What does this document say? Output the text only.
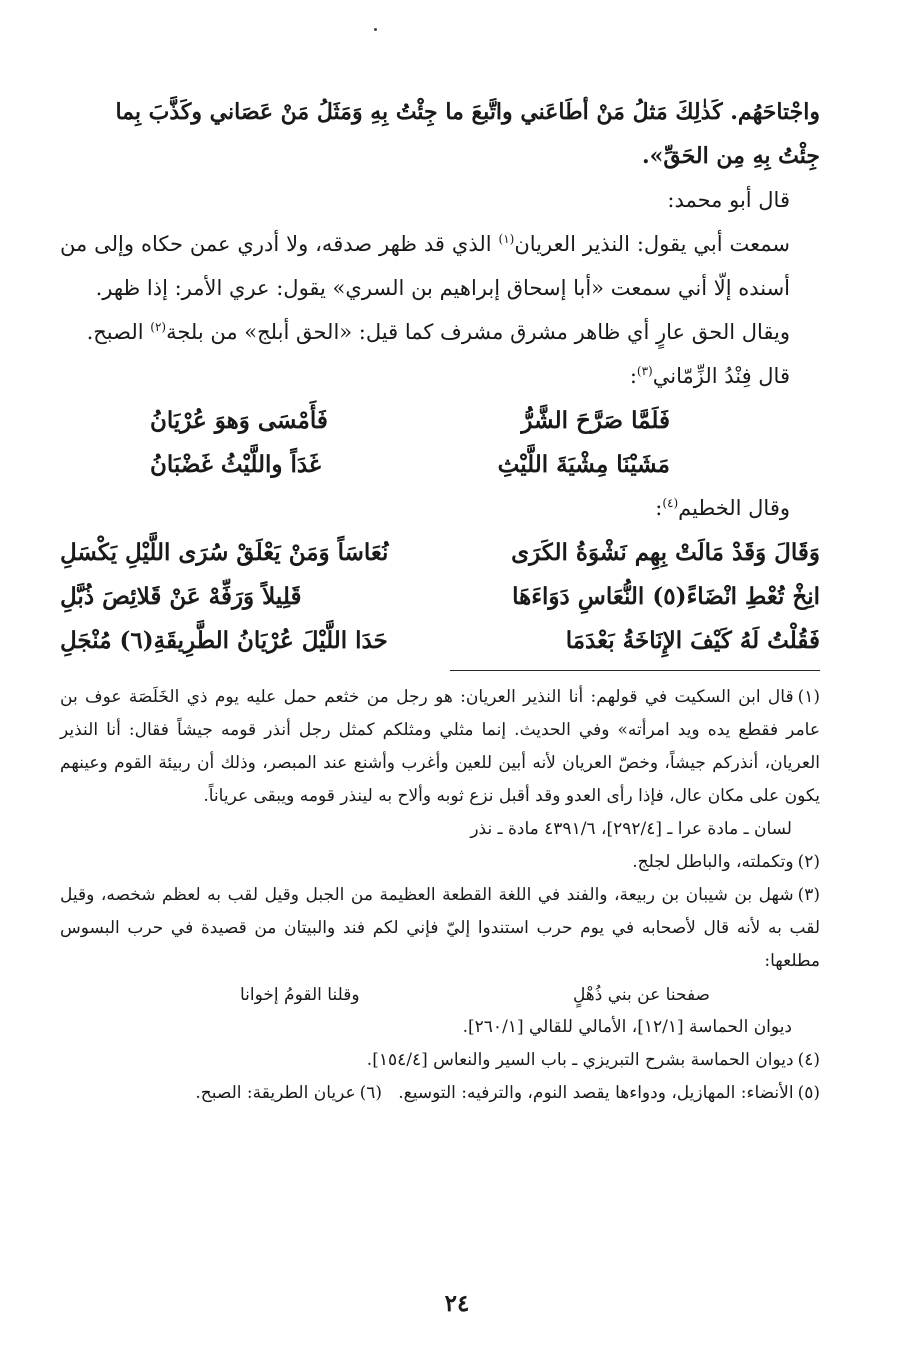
واجْتاحَهُم. كَذٰلِكَ مَثلُ مَنْ أطَاعَني واتَّبعَ ما جِئْتُ بِهِ وَمَثَلُ مَنْ عَصَاني وكَذَّبَ بِما

جِئْتُ بِهِ مِن الحَقِّ».

قال أبو محمد:

سمعت أبي يقول: النذير العريان$^{(١)}$ الذي قد ظهر صدقه، ولا أدري عمن حكاه وإلى من أسنده إلّا أني سمعت «أبا إسحاق إبراهيم بن السري» يقول: عري الأمر: إذا ظهر.

ويقال الحق عارٍ أي ظاهر مشرق مشرف كما قيل: «الحق أبلج» من بلجة$^{(٢)}$ الصبح.

قال فِنْدُ الزِّمّاني$^{(٣)}$:

فَلَمَّا صَرَّحَ الشَّرُّ
فَأَمْسَى وَهوَ عُرْيَانُ
مَشَيْنَا مِشْيَةَ اللَّيْثِ
غَدَاً واللَّيْثُ غَضْبَانُ

وقال الخطيم$^{(٤)}$:

وَقَالَ وَقَدْ مَالَتْ بِهِم نَشْوَةُ الكَرَى
نُعَاسَاً وَمَنْ يَعْلَقْ سُرَى اللَّيْلِ يَكْسَلِ
انِخْ تُعْطِ انْضَاءً(٥) النُّعَاسِ دَوَاءَهَا
قَلِيلاً وَرَفِّهْ عَنْ قَلائِصَ ذُبَّلِ
فَقُلْتُ لَهُ كَيْفَ الإِنَاخَةُ بَعْدَمَا
حَدَا اللَّيْلَ عُرْيَانُ الطَّرِيقَةِ(٦) مُنْجَلِ

(١)قال ابن السكيت في قولهم: أنا النذير العريان: هو رجل من خثعم حمل عليه يوم ذي الخَلَصَة عوف بن عامر فقطع يده ويد امرأته» وفي الحديث. إنما مثلي ومثلكم كمثل رجل أنذر قومه جيشاً فقال: أنا النذير العريان، أنذركم جيشاً، وخصّ العريان لأنه أبين للعين وأغرب وأشنع عند المبصر، وذلك أن ربيئة القوم وعينهم يكون على مكان عال، فإذا رأى العدو وقد أقبل نزع ثوبه وألاح به لينذر قومه ويبقى عرياناً.

لسان ـ مادة عرا ـ [٢٩٢/٤]، ٤٣٩١/٦ مادة ـ نذر

(٢)وتكملته، والباطل لجلج.

(٣)شهل بن شيبان بن ربيعة، والفند في اللغة القطعة العظيمة من الجبل وقيل لقب به لعظم شخصه، وقيل لقب به لأنه قال لأصحابه في يوم حرب استندوا إليّ فإني لكم فند والبيتان من قصيدة في حرب البسوس مطلعها:

صفحنا عن بني ذُهْلٍ
وقلنا القومُ إخوانا

ديوان الحماسة [١٢/١]، الأمالي للقالي [٢٦٠/١].

(٤)ديوان الحماسة بشرح التبريزي ـ باب السير والنعاس [١٥٤/٤].

(٥)الأنضاء: المهازيل، ودواءها يقصد النوم، والترفيه: التوسيع.   (٦)عريان الطريقة: الصبح.

٢٤
